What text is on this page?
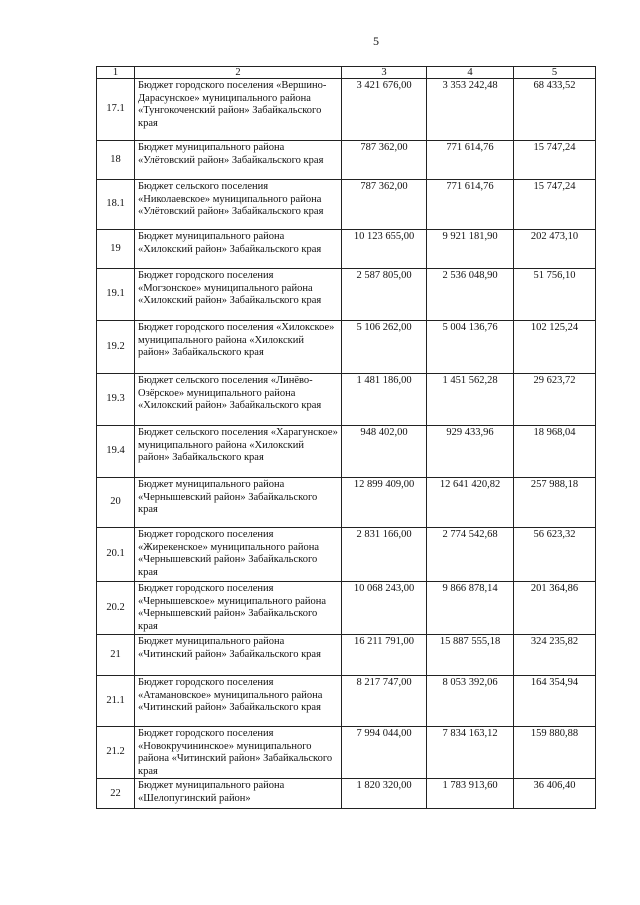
5
1	2	3	4	5
17.1	Бюджет городского поселения «Вершино-Дарасунское» муниципального района «Тунгокоченский район» Забайкальского края	3 421 676,00	3 353 242,48	68 433,52
18	Бюджет муниципального района «Улётовский район» Забайкальского края	787 362,00	771 614,76	15 747,24
18.1	Бюджет сельского поселения «Николаевское» муниципального района «Улётовский район» Забайкальского края	787 362,00	771 614,76	15 747,24
19	Бюджет муниципального района «Хилокский район» Забайкальского края	10 123 655,00	9 921 181,90	202 473,10
19.1	Бюджет городского поселения «Могзонское» муниципального района «Хилокский район» Забайкальского края	2 587 805,00	2 536 048,90	51 756,10
19.2	Бюджет городского поселения «Хилокское» муниципального района «Хилокский район» Забайкальского края	5 106 262,00	5 004 136,76	102 125,24
19.3	Бюджет сельского поселения «Линёво-Озёрское» муниципального района «Хилокский район» Забайкальского края	1 481 186,00	1 451 562,28	29 623,72
19.4	Бюджет сельского поселения «Харагунское» муниципального района «Хилокский район» Забайкальского края	948 402,00	929 433,96	18 968,04
20	Бюджет муниципального района «Чернышевский район» Забайкальского края	12 899 409,00	12 641 420,82	257 988,18
20.1	Бюджет городского поселения «Жирекенское» муниципального района «Чернышевский район» Забайкальского края	2 831 166,00	2 774 542,68	56 623,32
20.2	Бюджет городского поселения «Чернышевское» муниципального района «Чернышевский район» Забайкальского края	10 068 243,00	9 866 878,14	201 364,86
21	Бюджет муниципального района «Читинский район» Забайкальского края	16 211 791,00	15 887 555,18	324 235,82
21.1	Бюджет городского поселения «Атамановское» муниципального района «Читинский район» Забайкальского края	8 217 747,00	8 053 392,06	164 354,94
21.2	Бюджет городского поселения «Новокручининское» муниципального района «Читинский район» Забайкальского края	7 994 044,00	7 834 163,12	159 880,88
22	Бюджет муниципального района «Шелопугинский район»	1 820 320,00	1 783 913,60	36 406,40
